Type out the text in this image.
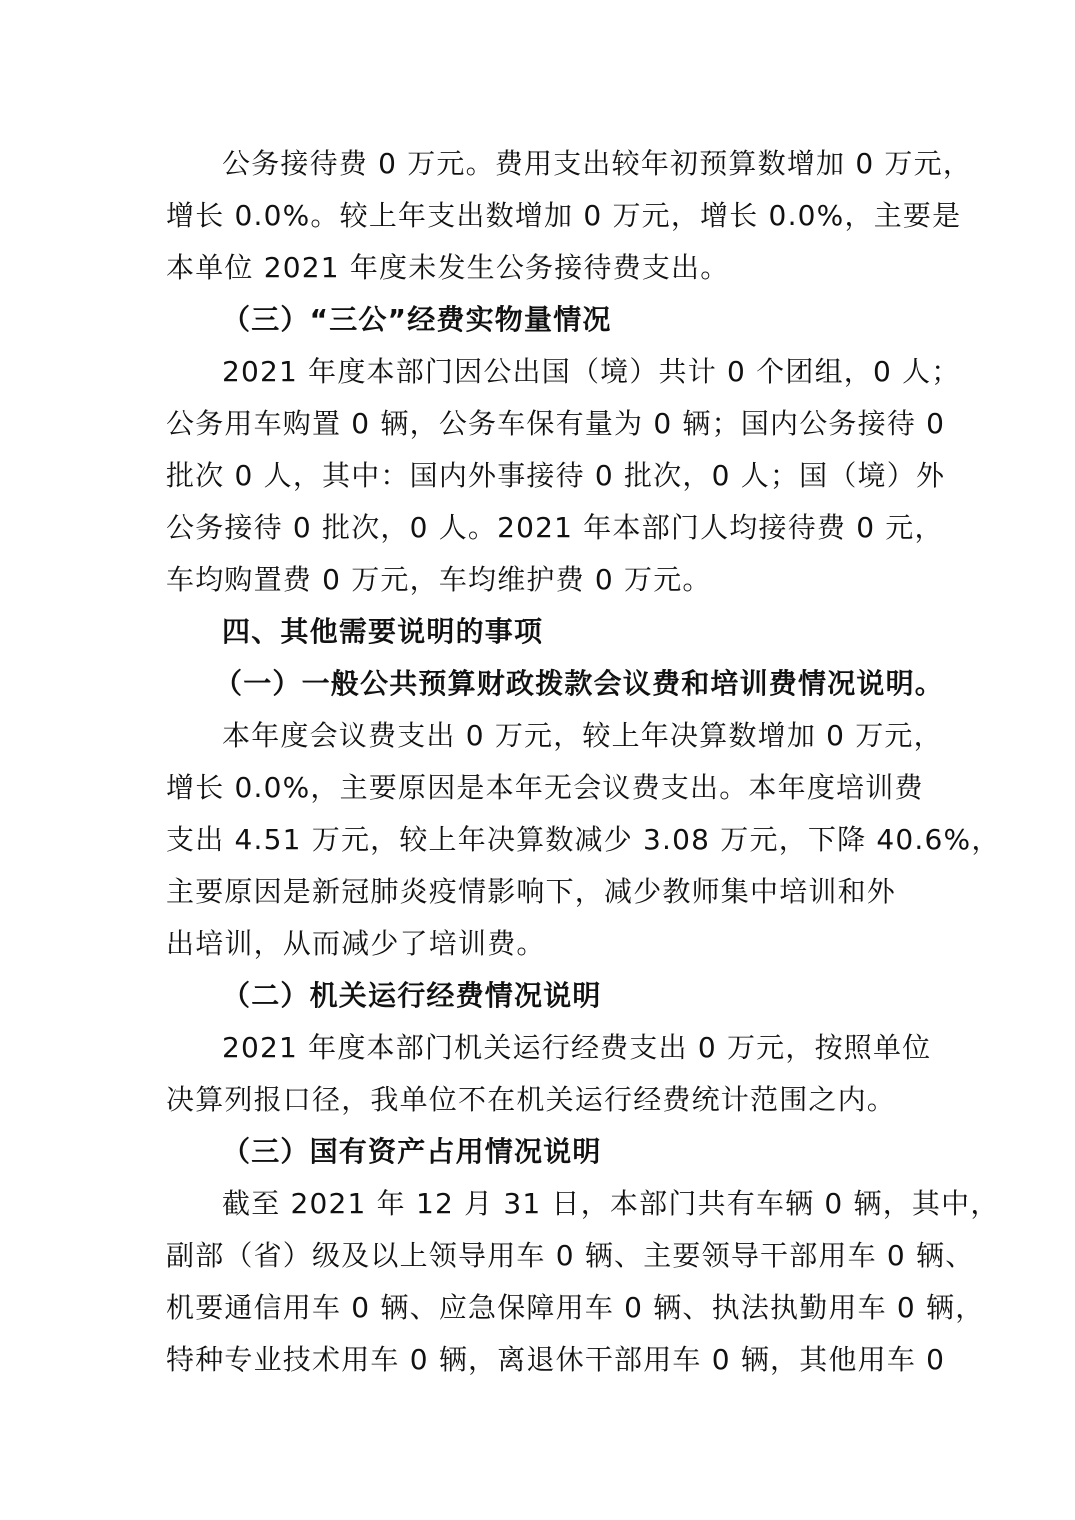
公务接待费 0 万元。费用支出较年初预算数增加 0 万元，
增长 0.0%。较上年支出数增加 0 万元，增长 0.0%，主要是
本单位 2021 年度未发生公务接待费支出。
（三）“三公”经费实物量情况
2021 年度本部门因公出国（境）共计 0 个团组，0 人；
公务用车购置 0 辆，公务车保有量为 0 辆；国内公务接待 0
批次 0 人，其中：国内外事接待 0 批次，0 人；国（境）外
公务接待 0 批次，0 人。2021 年本部门人均接待费 0 元，
车均购置费 0 万元，车均维护费 0 万元。
四、其他需要说明的事项
（一）一般公共预算财政拨款会议费和培训费情况说明。
本年度会议费支出 0 万元，较上年决算数增加 0 万元，
增长 0.0%，主要原因是本年无会议费支出。本年度培训费
支出 4.51 万元，较上年决算数减少 3.08 万元，下降 40.6%，
主要原因是新冠肺炎疫情影响下，减少教师集中培训和外
出培训，从而减少了培训费。
（二）机关运行经费情况说明
2021 年度本部门机关运行经费支出 0 万元，按照单位
决算列报口径，我单位不在机关运行经费统计范围之内。
（三）国有资产占用情况说明
截至 2021 年 12 月 31 日，本部门共有车辆 0 辆，其中，
副部（省）级及以上领导用车 0 辆、主要领导干部用车 0 辆、
机要通信用车 0 辆、应急保障用车 0 辆、执法执勤用车 0 辆，
特种专业技术用车 0 辆，离退休干部用车 0 辆，其他用车 0
